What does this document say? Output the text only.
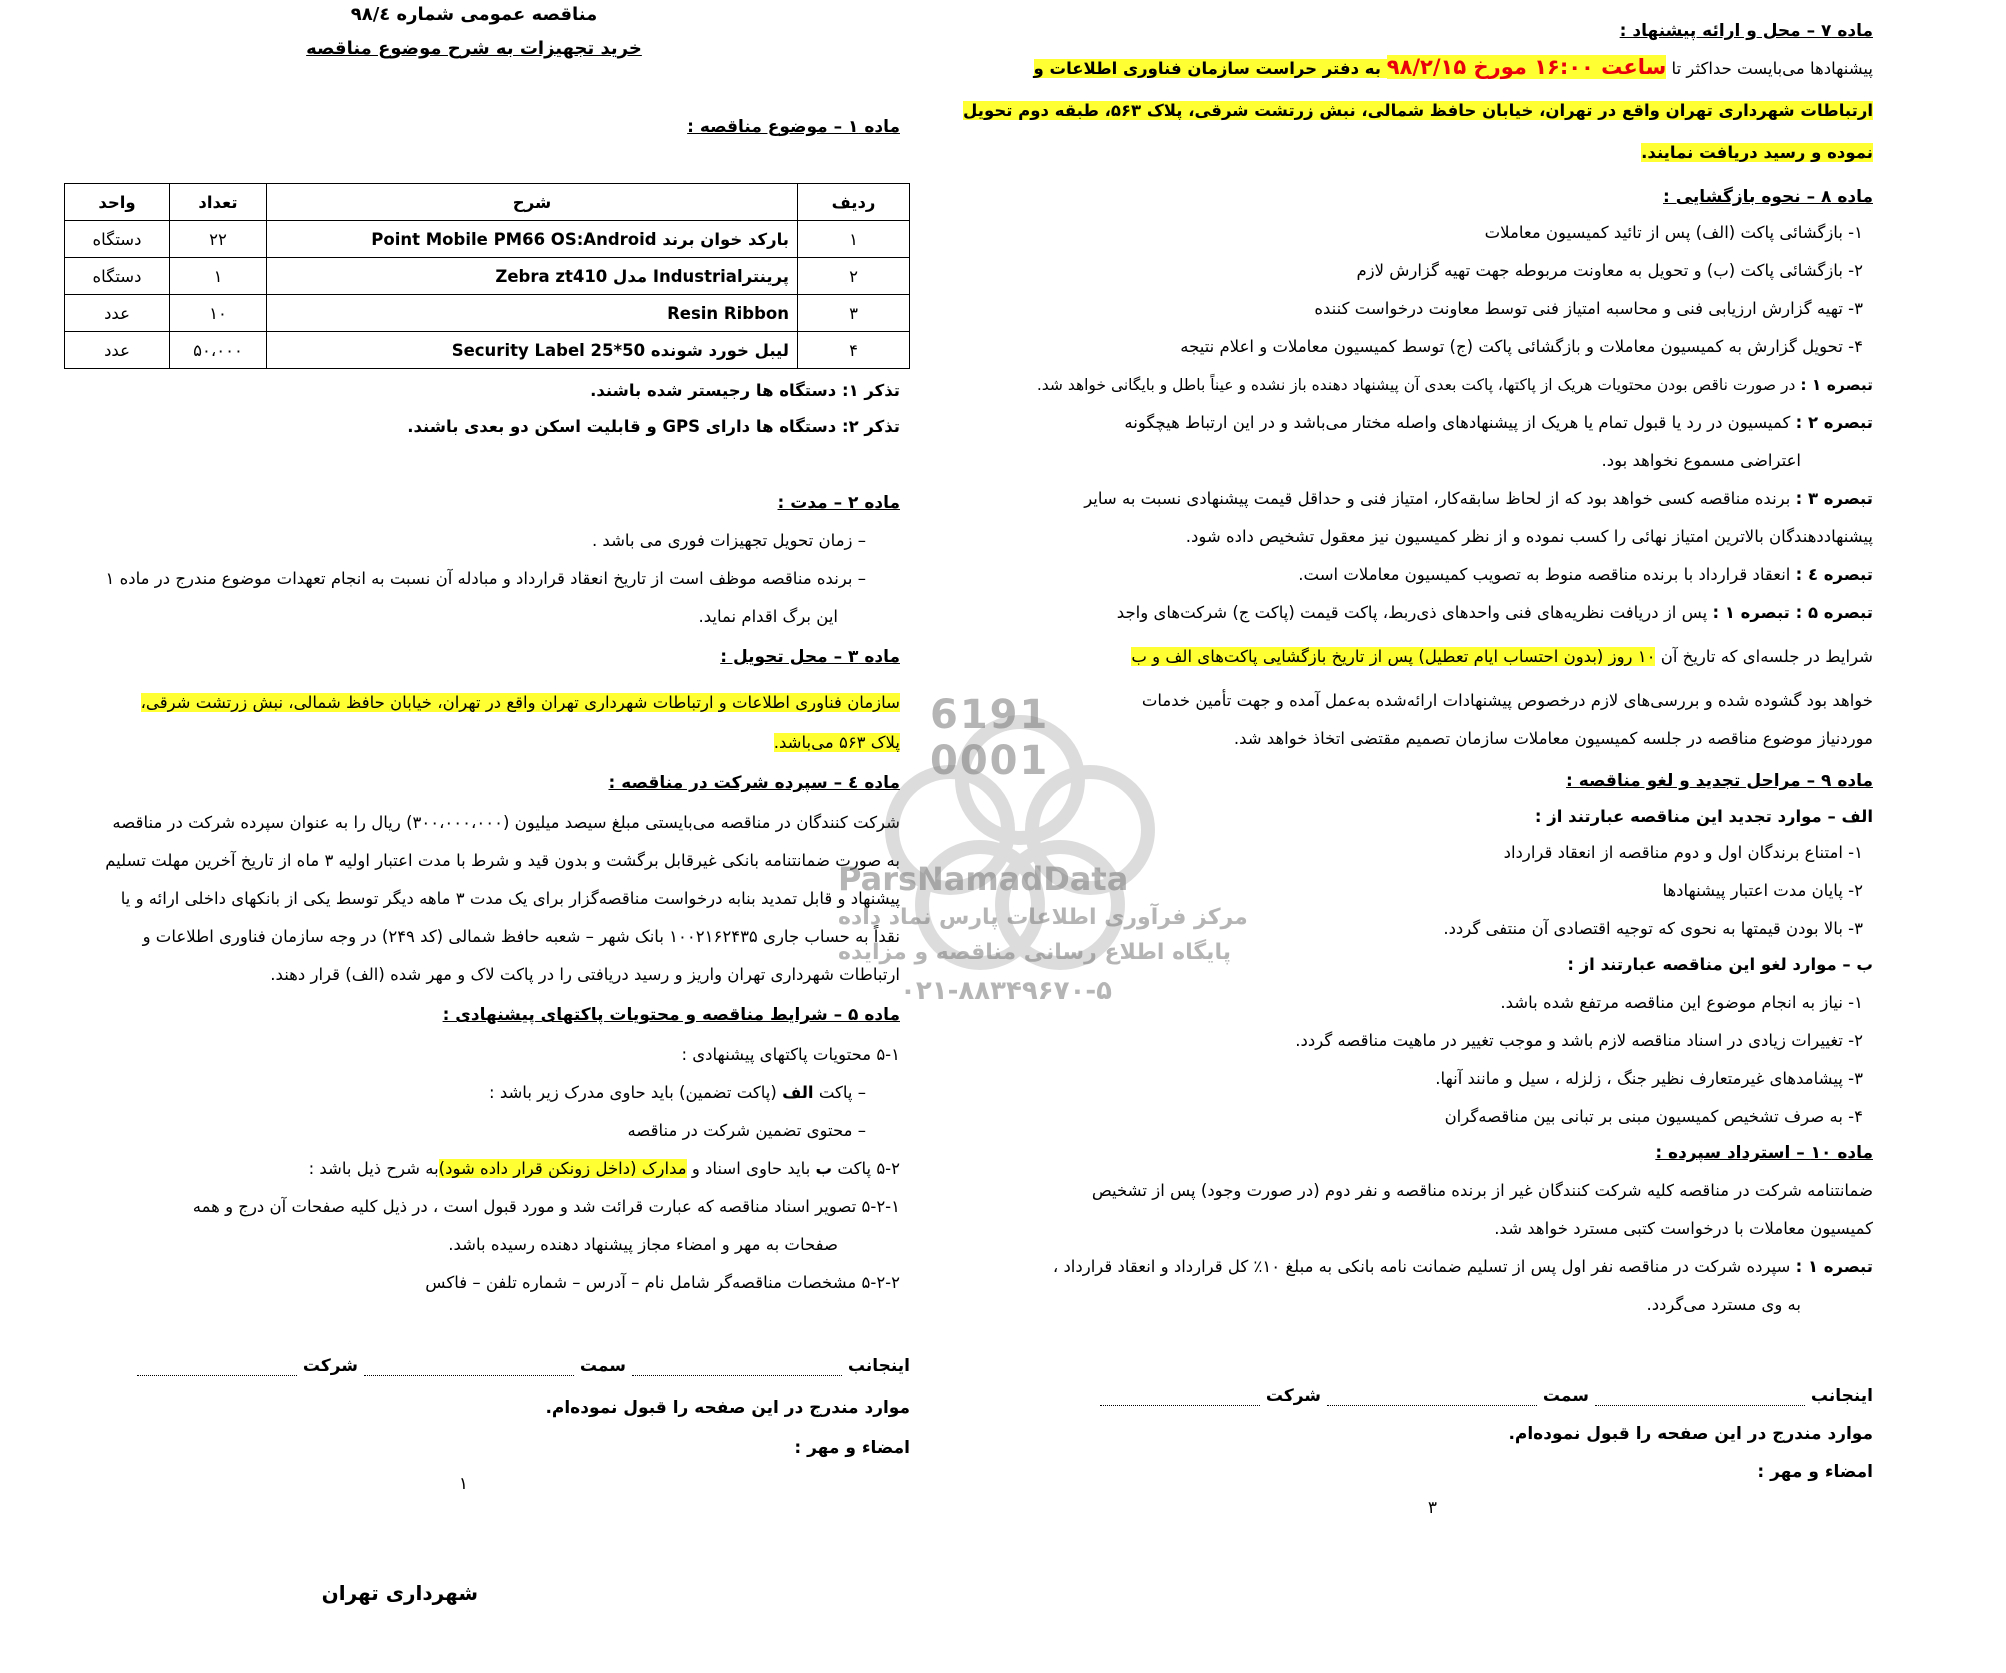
مناقصه عمومی شماره ۹۸/٤
خرید تجهیزات به شرح موضوع مناقصه
ماده ۱ – موضوع مناقصه :
ردیف	شرح	تعداد	واحد
۱	بارکد خوان برند Point Mobile PM66 OS:Android	۲۲	دستگاه
۲	پرینترIndustrial مدل Zebra zt410	۱	دستگاه
۳	Resin Ribbon	۱۰	عدد
۴	لیبل خورد شونده 50*25 Security Label	۵۰،۰۰۰	عدد
تذکر ۱: دستگاه ها رجیستر شده باشند.
تذکر ۲: دستگاه ها دارای GPS و قابلیت اسکن دو بعدی باشند.
ماده ۲ – مدت :
– زمان تحویل تجهیزات فوری می باشد .
– برنده مناقصه موظف است از تاریخ انعقاد قرارداد و مبادله آن نسبت به انجام تعهدات موضوع مندرج در ماده ۱
این برگ اقدام نماید.
ماده ۳ – محل تحویل :
سازمان فناوری اطلاعات و ارتباطات شهرداری تهران واقع در تهران، خیابان حافظ شمالی، نبش زرتشت شرقی،
پلاک ۵۶۳ می‌باشد.
ماده ٤ – سپرده شرکت در مناقصه :
شرکت کنندگان در مناقصه می‌بایستی مبلغ سیصد میلیون (۳۰۰،۰۰۰،۰۰۰) ریال را به عنوان سپرده شرکت در مناقصه
به صورت ضمانتنامه بانکی غیرقابل برگشت و بدون قید و شرط با مدت اعتبار اولیه ۳ ماه از تاریخ آخرین مهلت تسلیم
پیشنهاد و قابل تمدید بنابه درخواست مناقصه‌گزار برای یک مدت ۳ ماهه دیگر توسط یکی از بانکهای داخلی ارائه و یا
نقداً به حساب جاری ۱۰۰۲۱۶۲۴۳۵ بانک شهر – شعبه حافظ شمالی (کد ۲۴۹) در وجه سازمان فناوری اطلاعات و
ارتباطات شهرداری تهران واریز و رسید دریافتی را در پاکت لاک و مهر شده (الف) قرار دهند.
ماده ۵ – شرایط مناقصه و محتویات پاکتهای پیشنهادی :
۵-۱ محتویات پاکتهای پیشنهادی :
– پاکت الف (پاکت تضمین) باید حاوی مدرک زیر باشد :
– محتوی تضمین شرکت در مناقصه
۵-۲ پاکت ب باید حاوی اسناد و مدارک (داخل زونکن قرار داده شود)به شرح ذیل باشد :
۵-۲-۱ تصویر اسناد مناقصه که عبارت قرائت شد و مورد قبول است ، در ذیل کلیه صفحات آن درج و همه
صفحات به مهر و امضاء مجاز پیشنهاد دهنده رسیده باشد.
۵-۲-۲ مشخصات مناقصه‌گر شامل نام – آدرس – شماره تلفن – فاکس
اینجانب  سمت  شرکت
موارد مندرج در این صفحه را قبول نموده‌ام.
امضاء و مهر :
۱
شهرداری تهران
ماده ۷ – محل و ارائه پیشنهاد :
پیشنهادها می‌بایست حداکثر تا ساعت ۱۶:۰۰ مورخ ۹۸/۲/۱۵ به دفتر حراست سازمان فناوری اطلاعات و
ارتباطات شهرداری تهران واقع در تهران، خیابان حافظ شمالی، نبش زرتشت شرقی، پلاک ۵۶۳، طبقه دوم تحویل
نموده و رسید دریافت نمایند.
ماده ۸ – نحوه بازگشایی :
۱- بازگشائی پاکت (الف) پس از تائید کمیسیون معاملات
۲- بازگشائی پاکت (ب) و تحویل به معاونت مربوطه جهت تهیه گزارش لازم
۳- تهیه گزارش ارزیابی فنی و محاسبه امتیاز فنی توسط معاونت درخواست کننده
۴- تحویل گزارش به کمیسیون معاملات و بازگشائی پاکت (ج) توسط کمیسیون معاملات و اعلام نتیجه
تبصره ۱ : در صورت ناقص بودن محتویات هریک از پاکتها، پاکت بعدی آن پیشنهاد دهنده باز نشده و عیناً باطل و بایگانی خواهد شد.
تبصره ۲ : کمیسیون در رد یا قبول تمام یا هریک از پیشنهادهای واصله مختار می‌باشد و در این ارتباط هیچگونه
اعتراضی مسموع نخواهد بود.
تبصره ۳ : برنده مناقصه کسی خواهد بود که از لحاظ سابقه‌کار، امتیاز فنی و حداقل قیمت پیشنهادی نسبت به سایر
پیشنهاددهندگان بالاترین امتیاز نهائی را کسب نموده و از نظر کمیسیون نیز معقول تشخیص داده شود.
تبصره ٤ : انعقاد قرارداد با برنده مناقصه منوط به تصویب کمیسیون معاملات است.
تبصره ۵ : تبصره ۱ : پس از دریافت نظریه‌های فنی واحدهای ذی‌ربط، پاکت قیمت (پاکت ج) شرکت‌های واجد
شرایط در جلسه‌ای که تاریخ آن ۱۰ روز (بدون احتساب ایام تعطیل) پس از تاریخ بازگشایی پاکت‌های الف و ب
خواهد بود گشوده شده و بررسی‌های لازم درخصوص پیشنهادات ارائه‌شده به‌عمل آمده و جهت تأمین خدمات
موردنیاز موضوع مناقصه در جلسه کمیسیون معاملات سازمان تصمیم مقتضی اتخاذ خواهد شد.
ماده ۹ – مراحل تجدید و لغو مناقصه :
الف – موارد تجدید این مناقصه عبارتند از :
۱- امتناع برندگان اول و دوم مناقصه از انعقاد قرارداد
۲- پایان مدت اعتبار پیشنهادها
۳- بالا بودن قیمتها به نحوی که توجیه اقتصادی آن منتفی گردد.
ب – موارد لغو این مناقصه عبارتند از :
۱- نیاز به انجام موضوع این مناقصه مرتفع شده باشد.
۲- تغییرات زیادی در اسناد مناقصه لازم باشد و موجب تغییر در ماهیت مناقصه گردد.
۳- پیشامدهای غیرمتعارف نظیر جنگ ، زلزله ، سیل و مانند آنها.
۴- به صرف تشخیص کمیسیون مبنی بر تبانی بین مناقصه‌گران
ماده ۱۰ – استرداد سپرده :
ضمانتنامه شرکت در مناقصه کلیه شرکت کنندگان غیر از برنده مناقصه و نفر دوم (در صورت وجود) پس از تشخیص
کمیسیون معاملات با درخواست کتبی مسترد خواهد شد.
تبصره ۱ : سپرده شرکت در مناقصه نفر اول پس از تسلیم ضمانت نامه بانکی به مبلغ ۱۰٪ کل قرارداد و انعقاد قرارداد ،
به وی مسترد می‌گردد.
اینجانب  سمت  شرکت
موارد مندرج در این صفحه را قبول نموده‌ام.
امضاء و مهر :
۳
6191
0001
ParsNamadData
مرکز فرآوری اطلاعات پارس نماد داده
پایگاه اطلاع رسانی مناقصه و مزایده
۰۲۱-۸۸۳۴۹۶۷۰-۵
